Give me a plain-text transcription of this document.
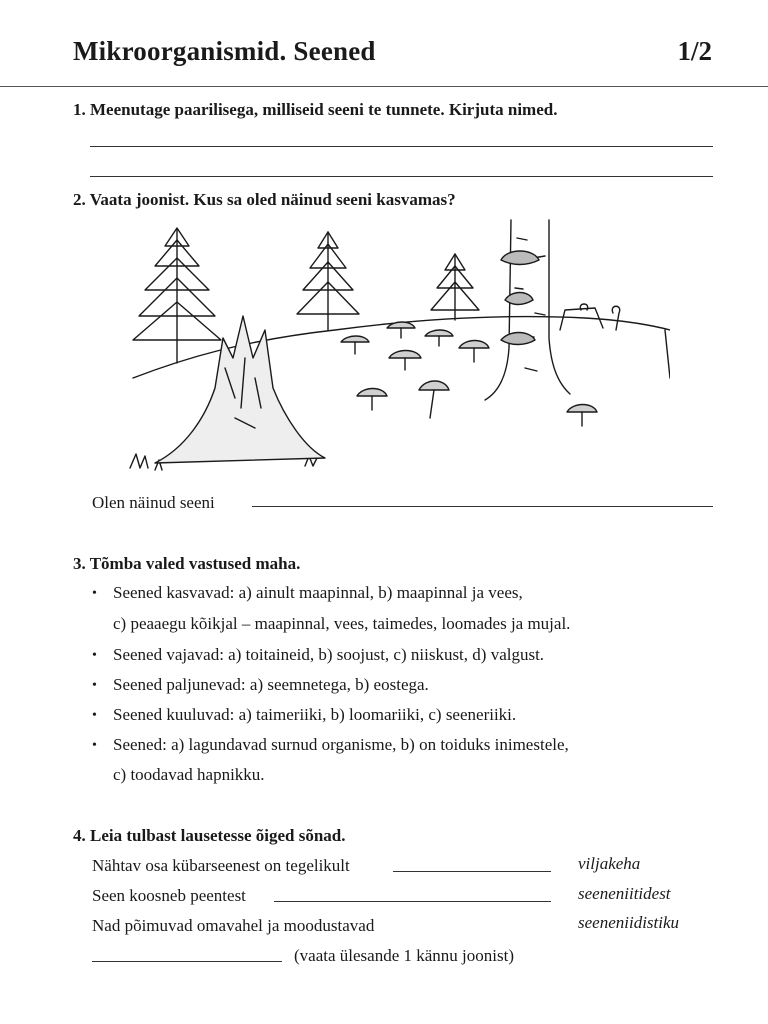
Mikroorganismid. Seened	1/2
1. Meenutage paarilisega, milliseid seeni te tunnete. Kirjuta nimed.
2. Vaata joonist. Kus sa oled näinud seeni kasvamas?
Olen näinud seeni
3. Tõmba valed vastused maha.
• Seened kasvavad: a) ainult maapinnal, b) maapinnal ja vees,
c) peaaegu kõikjal – maapinnal, vees, taimedes, loomades ja mujal.
• Seened vajavad: a) toitaineid, b) soojust, c) niiskust, d) valgust.
• Seened paljunevad: a) seemnetega, b) eostega.
• Seened kuuluvad: a) taimeriiki, b) loomariiki, c) seeneriiki.
• Seened: a) lagundavad surnud organisme, b) on toiduks inimestele,
c) toodavad hapnikku.
4. Leia tulbast lausetesse õiged sõnad.
Nähtav osa kübarseenest on tegelikult
Seen koosneb peentest
Nad põimuvad omavahel ja moodustavad
(vaata ülesande 1 kännu joonist)
viljakeha
seeneniitidest
seeneniidistiku
